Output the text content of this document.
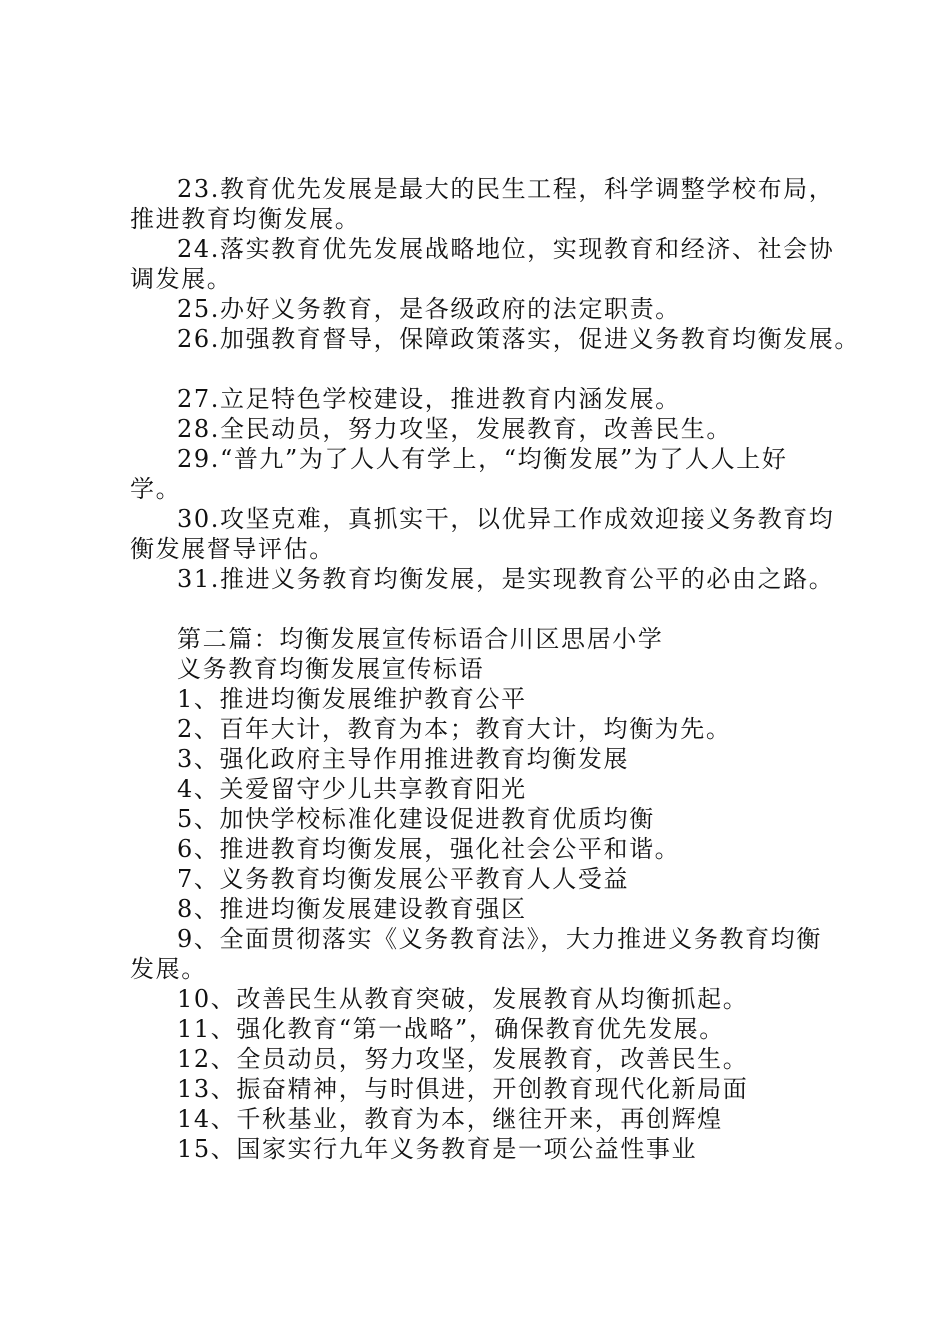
23.教育优先发展是最大的民生工程，科学调整学校布局，
推进教育均衡发展。
24.落实教育优先发展战略地位，实现教育和经济、社会协
调发展。
25.办好义务教育，是各级政府的法定职责。
26.加强教育督导，保障政策落实，促进义务教育均衡发展。
27.立足特色学校建设，推进教育内涵发展。
28.全民动员，努力攻坚，发展教育，改善民生。
29.“普九”为了人人有学上，“均衡发展”为了人人上好
学。
30.攻坚克难，真抓实干，以优异工作成效迎接义务教育均
衡发展督导评估。
31.推进义务教育均衡发展，是实现教育公平的必由之路。
第二篇：均衡发展宣传标语合川区思居小学
义务教育均衡发展宣传标语
1、推进均衡发展维护教育公平
2、百年大计，教育为本；教育大计，均衡为先。
3、强化政府主导作用推进教育均衡发展
4、关爱留守少儿共享教育阳光
5、加快学校标准化建设促进教育优质均衡
6、推进教育均衡发展，强化社会公平和谐。
7、义务教育均衡发展公平教育人人受益
8、推进均衡发展建设教育强区
9、全面贯彻落实《义务教育法》，大力推进义务教育均衡
发展。
10、改善民生从教育突破，发展教育从均衡抓起。
11、强化教育“第一战略”，确保教育优先发展。
12、全员动员，努力攻坚，发展教育，改善民生。
13、振奋精神，与时俱进，开创教育现代化新局面
14、千秋基业，教育为本，继往开来，再创辉煌
15、国家实行九年义务教育是一项公益性事业
